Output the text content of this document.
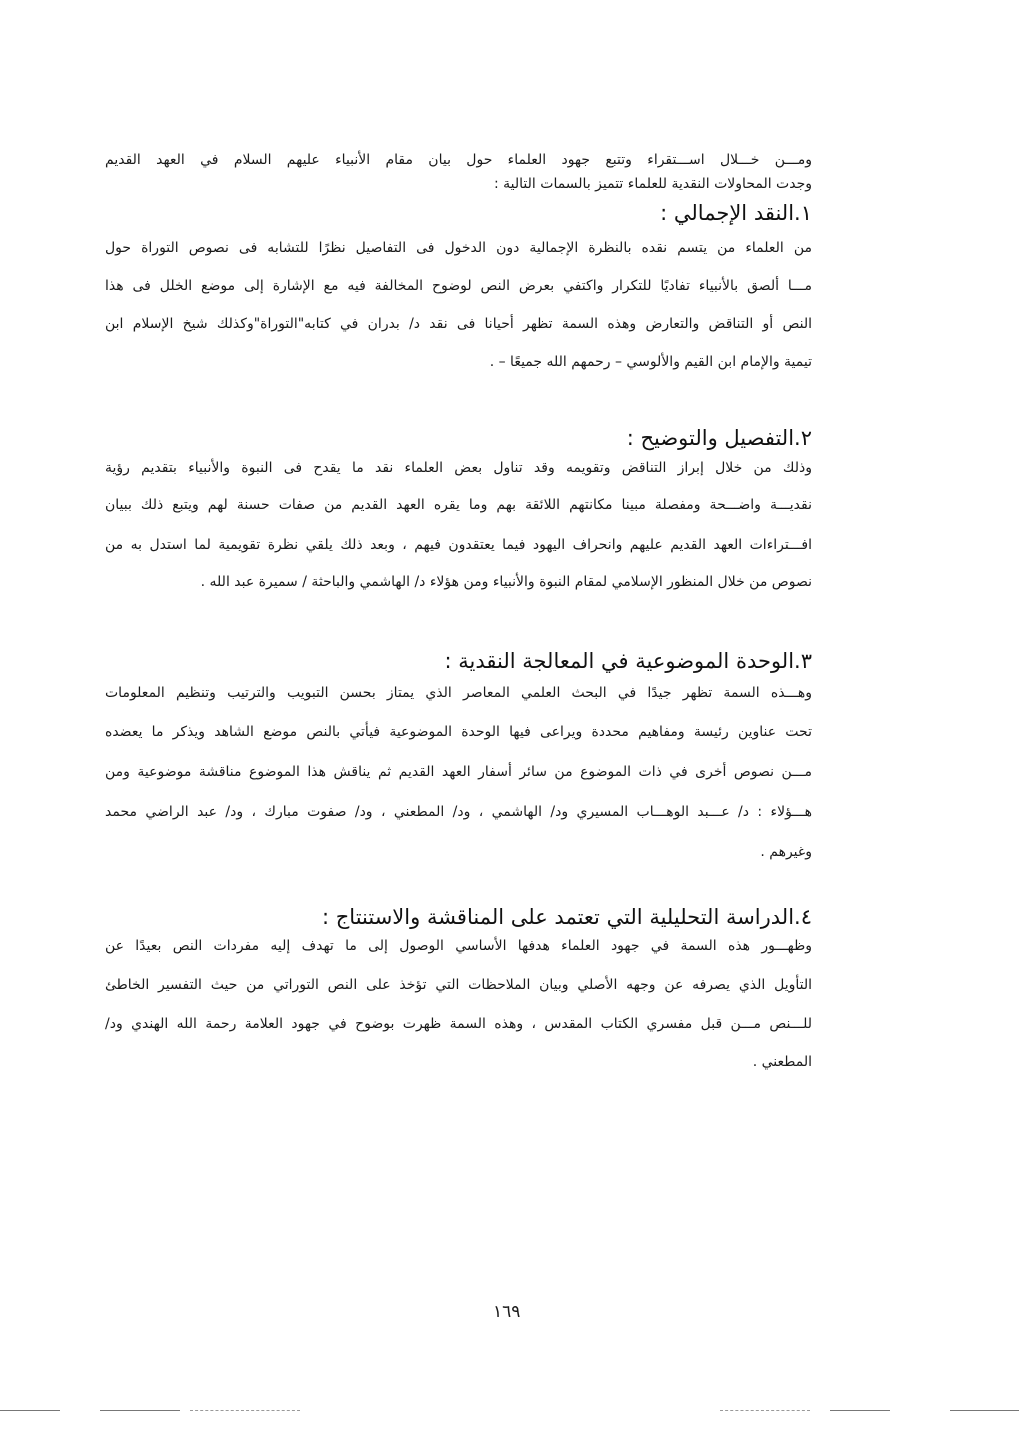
ومـــن خـــلال اســـتقراء وتتبع جهود العلماء حول بيان مقام الأنبياء عليهم السلام في العهد القديم
وجدت المحاولات النقدية للعلماء تتميز بالسمات التالية :
١.النقد الإجمالي :
من العلماء من يتسم نقده بالنظرة الإجمالية دون الدخول فى التفاصيل نظرًا للتشابه فى نصوص التوراة حول
مـــا ألصق بالأنبياء تفاديًا للتكرار واكتفي بعرض النص لوضوح المخالفة فيه مع الإشارة إلى موضع الخلل فى هذا
النص أو التناقض والتعارض وهذه السمة تظهر أحيانا فى نقد د/ بدران في كتابه"التوراة"وكذلك شيخ الإسلام ابن
تيمية والإمام ابن القيم والألوسي – رحمهم الله جميعًا – .
٢.التفصيل والتوضيح :
وذلك من خلال إبراز التناقض وتقويمه وقد تناول بعض العلماء نقد ما يقدح فى النبوة والأنبياء بتقديم رؤية
نقديـــة واضـــحة ومفصلة مبينا مكانتهم اللائقة بهم وما يقره العهد القديم من صفات حسنة لهم ويتبع ذلك ببيان
افـــتراءات العهد القديم عليهم وانحراف اليهود فيما يعتقدون فيهم ، وبعد ذلك يلقي نظرة تقويمية لما استدل به من
نصوص من خلال المنظور الإسلامي لمقام النبوة والأنبياء ومن هؤلاء د/ الهاشمي والباحثة / سميرة عبد الله .
٣.الوحدة الموضوعية في المعالجة النقدية :
وهـــذه السمة تظهر جيدًا في البحث العلمي المعاصر الذي يمتاز بحسن التبويب والترتيب وتنظيم المعلومات
تحت عناوين رئيسة ومفاهيم محددة ويراعى فيها الوحدة الموضوعية فيأتي بالنص موضع الشاهد ويذكر ما يعضده
مـــن نصوص أخرى في ذات الموضوع من سائر أسفار العهد القديم ثم يناقش هذا الموضوع مناقشة موضوعية ومن
هـــؤلاء : د/ عـــبد الوهـــاب المسيري ود/ الهاشمي ، ود/ المطعني ، ود/ صفوت مبارك ، ود/ عبد الراضي محمد
وغيرهم .
٤.الدراسة التحليلية التي تعتمد على المناقشة والاستنتاج :
وظهـــور هذه السمة في جهود العلماء هدفها الأساسي الوصول إلى ما تهدف إليه مفردات النص بعيدًا عن
التأويل الذي يصرفه عن وجهه الأصلي وبيان الملاحظات التي تؤخذ على النص التوراتي من حيث التفسير الخاطئ
للـــنص مـــن قبل مفسري الكتاب المقدس ، وهذه السمة ظهرت بوضوح في جهود العلامة رحمة الله الهندي ود/
المطعني .
١٦٩
